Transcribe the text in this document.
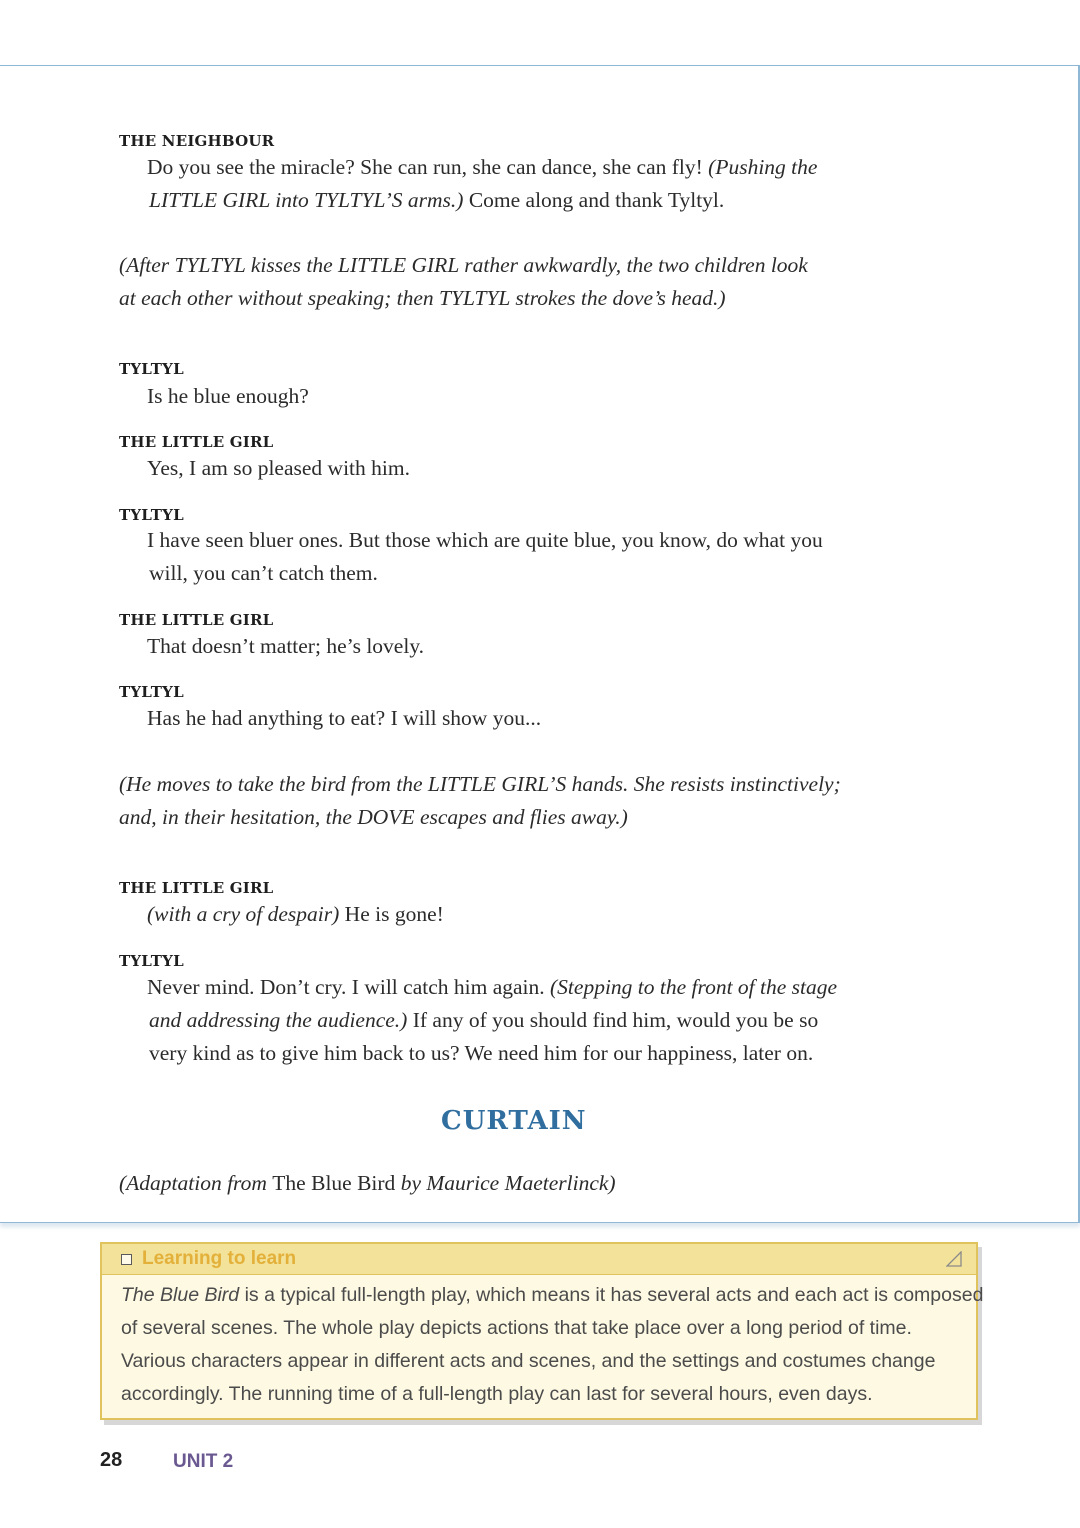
THE NEIGHBOUR
Do you see the miracle? She can run, she can dance, she can fly! (Pushing the
LITTLE GIRL into TYLTYL’S arms.) Come along and thank Tyltyl.
(After TYLTYL kisses the LITTLE GIRL rather awkwardly, the two children look
at each other without speaking; then TYLTYL strokes the dove’s head.)
TYLTYL
Is he blue enough?
THE LITTLE GIRL
Yes, I am so pleased with him.
TYLTYL
I have seen bluer ones. But those which are quite blue, you know, do what you
will, you can’t catch them.
THE LITTLE GIRL
That doesn’t matter; he’s lovely.
TYLTYL
Has he had anything to eat? I will show you...
(He moves to take the bird from the LITTLE GIRL’S hands. She resists instinctively;
and, in their hesitation, the DOVE escapes and flies away.)
THE LITTLE GIRL
(with a cry of despair) He is gone!
TYLTYL
Never mind. Don’t cry. I will catch him again. (Stepping to the front of the stage
and addressing the audience.) If any of you should find him, would you be so
very kind as to give him back to us? We need him for our happiness, later on.
CURTAIN
(Adaptation from The Blue Bird by Maurice Maeterlinck)
Learning to learn
The Blue Bird is a typical full-length play, which means it has several acts and each act is composed
of several scenes. The whole play depicts actions that take place over a long period of time.
Various characters appear in different acts and scenes, and the settings and costumes change
accordingly. The running time of a full-length play can last for several hours, even days.
28	UNIT 2
